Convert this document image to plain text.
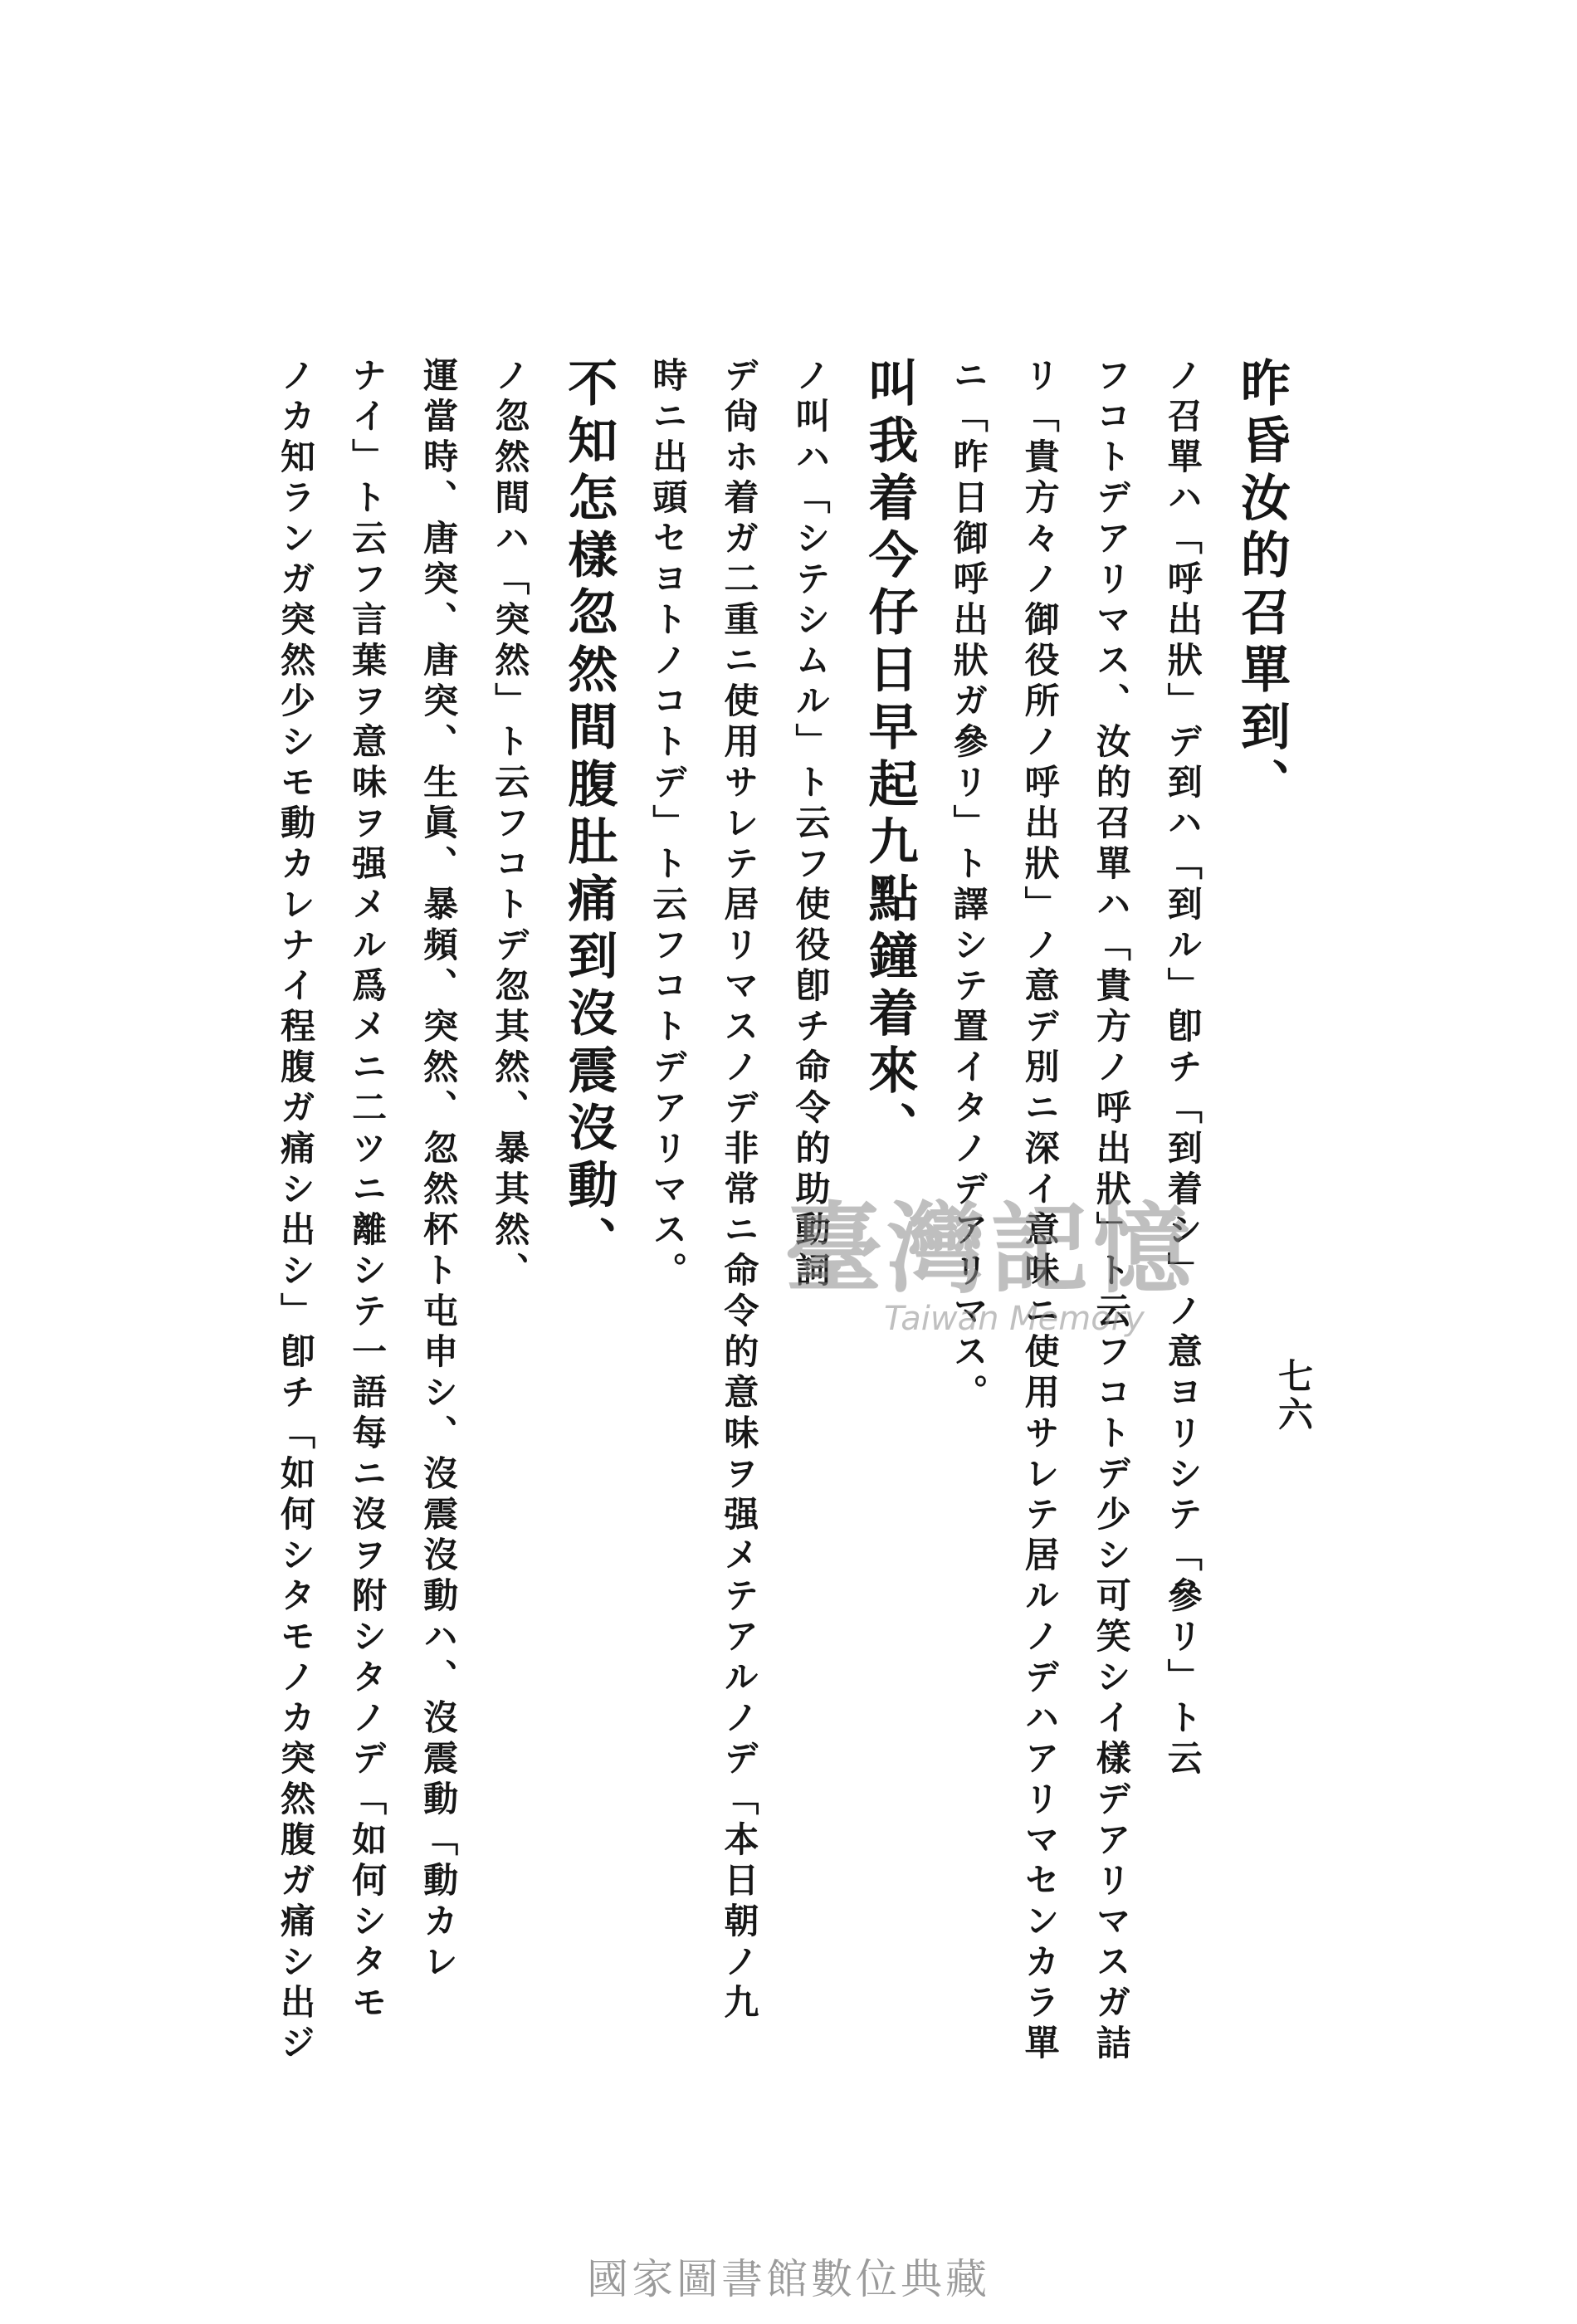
七六
昨昏汝的召單到、
ノ召單ハ「呼出狀」デ到ハ「到ル」卽チ「到着シ」ノ意ヨリシテ「參リ」ト云
フコトデアリマス、汝的召單ハ「貴方ノ呼出狀」ト云フコトデ少シ可笑シイ樣デアリマスガ詰
リ「貴方々ノ御役所ノ呼出狀」ノ意デ別ニ深イ意味ニ使用サレテ居ルノデハアリマセンカラ單
ニ「昨日御呼出狀ガ參リ」ト譯シテ置イタノデアリマス。
叫我着今仔日早起九點鐘着來、
ノ叫ハ「シテシムル」ト云フ使役卽チ命令的助動詞
デ尙ホ着ガ二重ニ使用サレテ居リマスノデ非常ニ命令的意味ヲ强メテアルノデ「本日朝ノ九
時ニ出頭セヨトノコトデ」ト云フコトデアリマス。
不知怎樣忽然間腹肚痛到沒震沒動、
ノ忽然間ハ「突然」ト云フコトデ忽其然、暴其然、
運當時、唐突、唐突、生眞、暴頻、突然、忽然杯ト屯申シ、沒震沒動ハ、沒震動「動カレ
ナイ」ト云フ言葉ヲ意味ヲ强メル爲メニ二ツニ離シテ一語每ニ沒ヲ附シタノデ「如何シタモ
ノカ知ランガ突然少シモ動カレナイ程腹ガ痛シ出シ」卽チ「如何シタモノカ突然腹ガ痛シ出ジ	臺灣記憶
Taiwan Memory
國家圖書館數位典藏
